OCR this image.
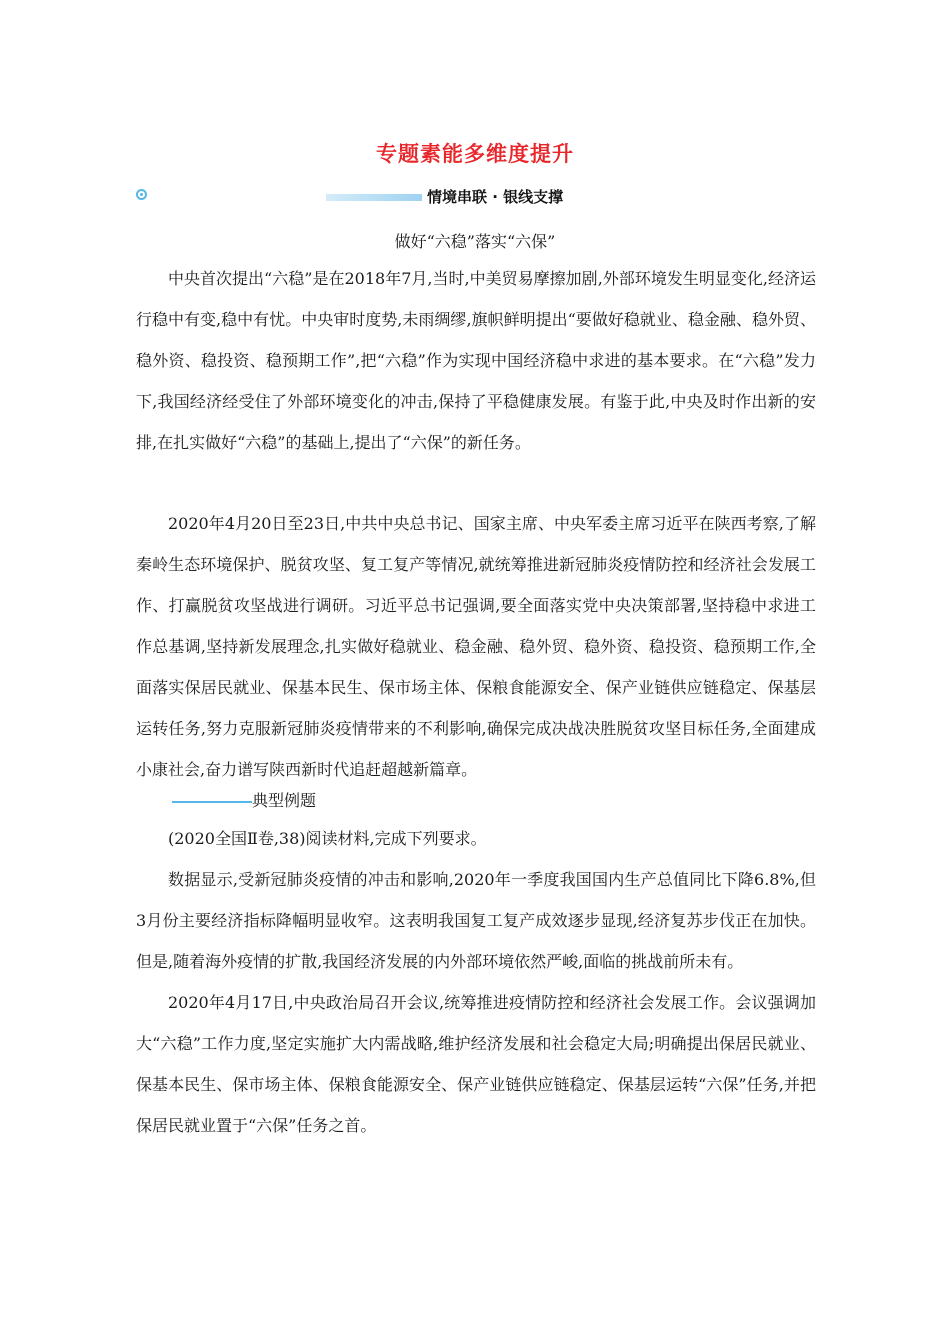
专题素能多维度提升
情境串联 · 银线支撑
做好“六稳”落实“六保”

中央首次提出“六稳”是在2018年7月,当时,中美贸易摩擦加剧,外部环境发生明显变化,经济运行稳中有变,稳中有忧。中央审时度势,未雨绸缪,旗帜鲜明提出“要做好稳就业、稳金融、稳外贸、稳外资、稳投资、稳预期工作”,把“六稳”作为实现中国经济稳中求进的基本要求。在“六稳”发力下,我国经济经受住了外部环境变化的冲击,保持了平稳健康发展。有鉴于此,中央及时作出新的安排,在扎实做好“六稳”的基础上,提出了“六保”的新任务。

2020年4月20日至23日,中共中央总书记、国家主席、中央军委主席习近平在陕西考察,了解秦岭生态环境保护、脱贫攻坚、复工复产等情况,就统筹推进新冠肺炎疫情防控和经济社会发展工作、打赢脱贫攻坚战进行调研。习近平总书记强调,要全面落实党中央决策部署,坚持稳中求进工作总基调,坚持新发展理念,扎实做好稳就业、稳金融、稳外贸、稳外资、稳投资、稳预期工作,全面落实保居民就业、保基本民生、保市场主体、保粮食能源安全、保产业链供应链稳定、保基层运转任务,努力克服新冠肺炎疫情带来的不利影响,确保完成决战决胜脱贫攻坚目标任务,全面建成小康社会,奋力谱写陕西新时代追赶超越新篇章。

典型例题

(2020全国Ⅱ卷,38)阅读材料,完成下列要求。

数据显示,受新冠肺炎疫情的冲击和影响,2020年一季度我国国内生产总值同比下降6.8%,但3月份主要经济指标降幅明显收窄。这表明我国复工复产成效逐步显现,经济复苏步伐正在加快。但是,随着海外疫情的扩散,我国经济发展的内外部环境依然严峻,面临的挑战前所未有。

2020年4月17日,中央政治局召开会议,统筹推进疫情防控和经济社会发展工作。会议强调加大“六稳”工作力度,坚定实施扩大内需战略,维护经济发展和社会稳定大局;明确提出保居民就业、保基本民生、保市场主体、保粮食能源安全、保产业链供应链稳定、保基层运转“六保”任务,并把保居民就业置于“六保”任务之首。
